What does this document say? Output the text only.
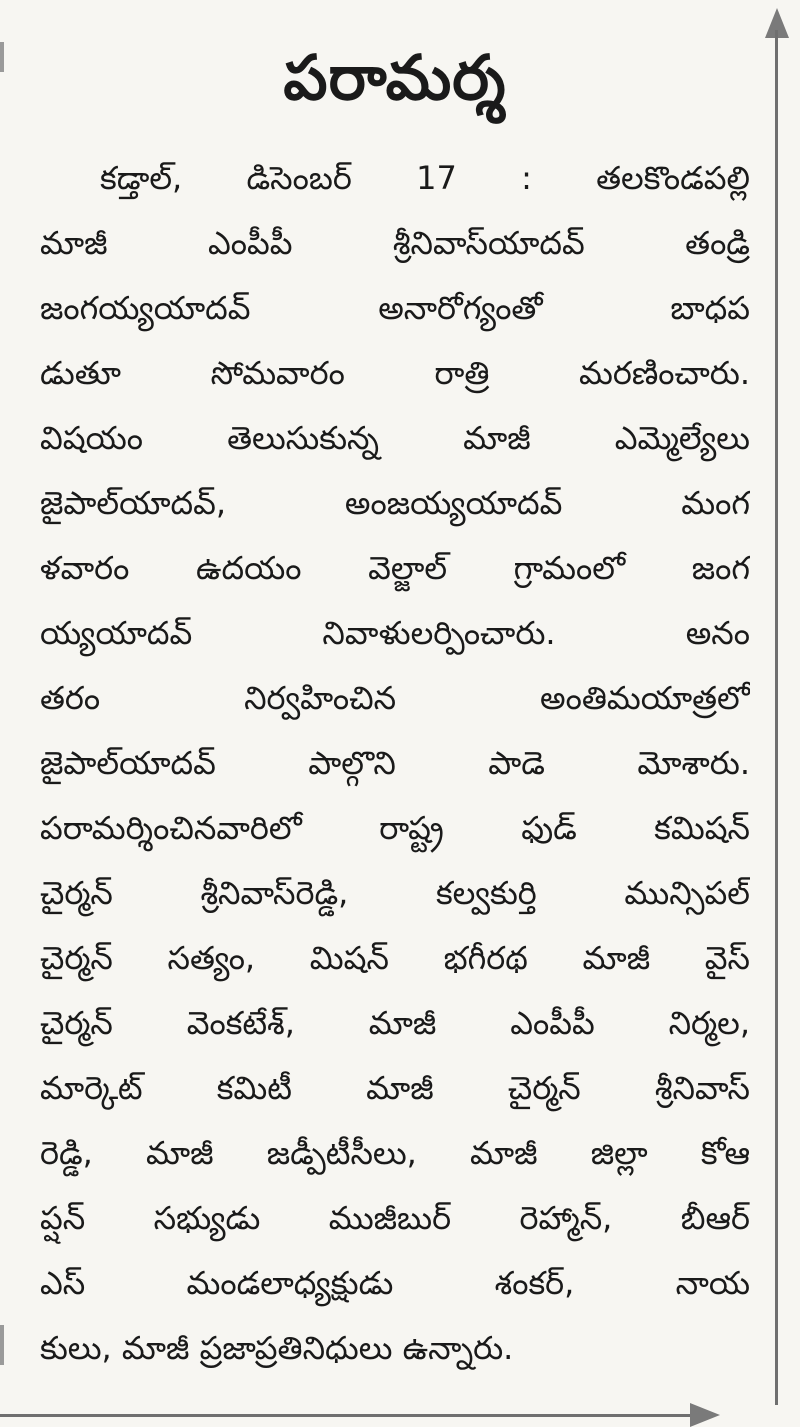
పరామర్శ
కడ్తాల్, డిసెంబర్ 17 : తలకొండపల్లి
మాజీ ఎంపీపీ శ్రీనివాస్‌యాదవ్ తండ్రి
జంగయ్యయాదవ్ అనారోగ్యంతో బాధప
డుతూ సోమవారం రాత్రి మరణించారు.
విషయం తెలుసుకున్న మాజీ ఎమ్మెల్యేలు
జైపాల్‌యాదవ్, అంజయ్యయాదవ్ మంగ
ళవారం ఉదయం వెల్జాల్ గ్రామంలో జంగ
య్యయాదవ్ నివాళులర్పించారు. అనం
తరం నిర్వహించిన అంతిమయాత్రలో
జైపాల్‌యాదవ్ పాల్గొని పాడె మోశారు.
పరామర్శించినవారిలో రాష్ట్ర ఫుడ్ కమిషన్
చైర్మన్ శ్రీనివాస్‌రెడ్డి, కల్వకుర్తి మున్సిపల్
చైర్మన్ సత్యం, మిషన్ భగీరథ మాజీ వైస్
చైర్మన్ వెంకటేశ్, మాజీ ఎంపీపీ నిర్మల,
మార్కెట్ కమిటీ మాజీ చైర్మన్ శ్రీనివాస్
రెడ్డి, మాజీ జడ్పీటీసీలు, మాజీ జిల్లా కోఆ
ప్షన్ సభ్యుడు ముజీబుర్ రెహ్మాన్, బీఆర్
ఎస్ మండలాధ్యక్షుడు శంకర్, నాయ
కులు, మాజీ ప్రజాప్రతినిధులు ఉన్నారు.
